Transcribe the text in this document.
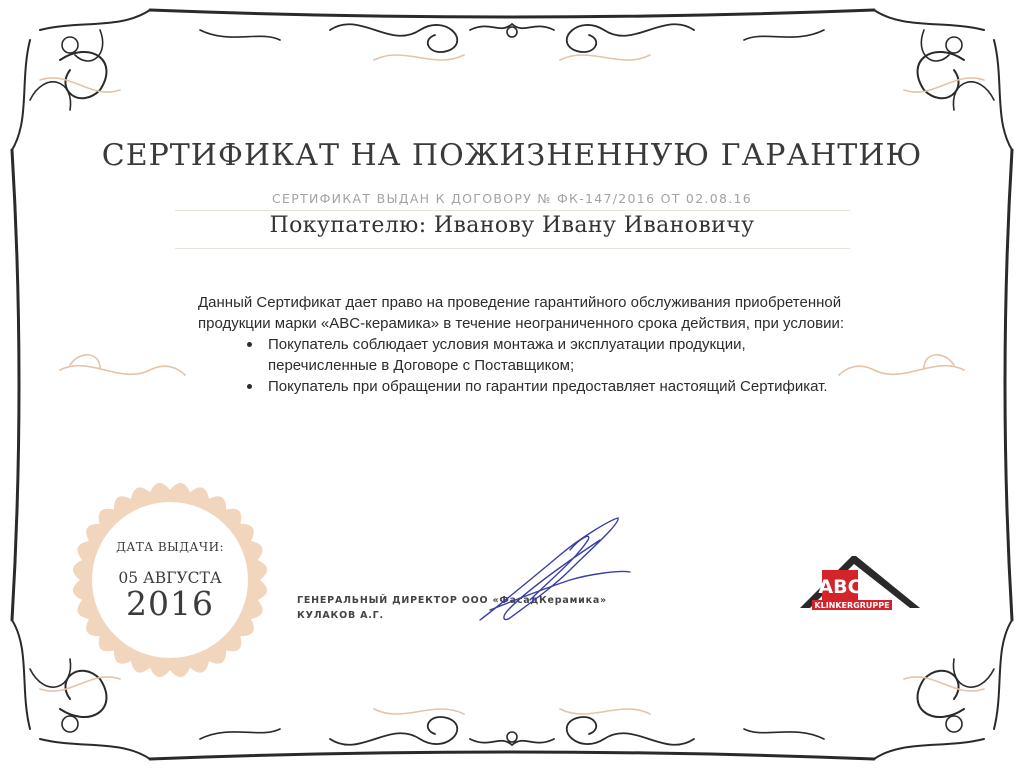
СЕРТИФИКАТ НА ПОЖИЗНЕННУЮ ГАРАНТИЮ
СЕРТИФИКАТ ВЫДАН К ДОГОВОРУ № ФК-147/2016 ОТ 02.08.16
Покупателю: Иванову Ивану Ивановичу

Данный Сертификат дает право на проведение гарантийного обслуживания приобретенной продукции марки «ABC-керамика» в течение неограниченного срока действия, при условии:

Покупатель соблюдает условия монтажа и эксплуатации продукции, перечисленные в Договоре с Поставщиком;
Покупатель при обращении по гарантии предоставляет настоящий Сертификат.
ДАТА ВЫДАЧИ:
05 АВГУСТА
2016	ГЕНЕРАЛЬНЫЙ ДИРЕКТОР ООО «ФасадКерамика»
КУЛАКОВ А.Г.
ABC
KLINKERGRUPPE
